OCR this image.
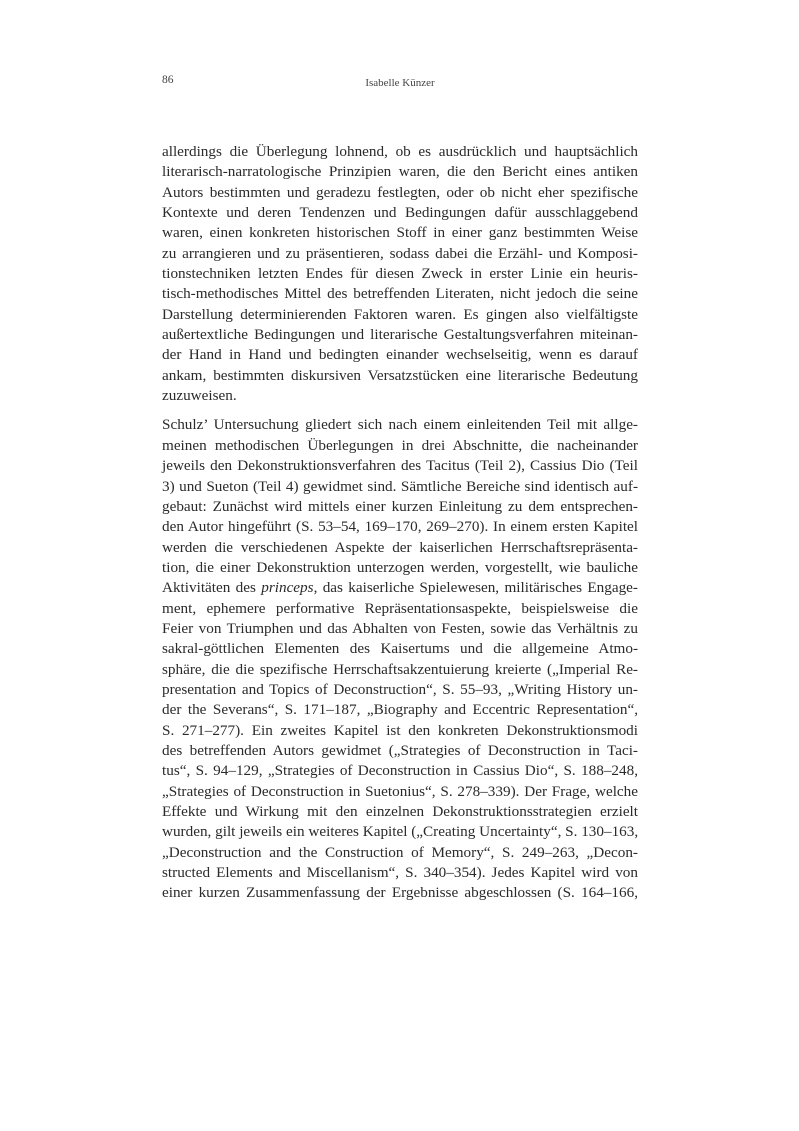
86	Isabelle Künzer

allerdings die Überlegung lohnend, ob es ausdrücklich und hauptsächlich
literarisch-narratologische Prinzipien waren, die den Bericht eines antiken
Autors bestimmten und geradezu festlegten, oder ob nicht eher spezifische
Kontexte und deren Tendenzen und Bedingungen dafür ausschlaggebend
waren, einen konkreten historischen Stoff in einer ganz bestimmten Weise
zu arrangieren und zu präsentieren, sodass dabei die Erzähl- und Komposi-
tionstechniken letzten Endes für diesen Zweck in erster Linie ein heuris-
tisch-methodisches Mittel des betreffenden Literaten, nicht jedoch die seine
Darstellung determinierenden Faktoren waren. Es gingen also vielfältigste
außertextliche Bedingungen und literarische Gestaltungsverfahren miteinan-
der Hand in Hand und bedingten einander wechselseitig, wenn es darauf
ankam, bestimmten diskursiven Versatzstücken eine literarische Bedeutung
zuzuweisen.

Schulz’ Untersuchung gliedert sich nach einem einleitenden Teil mit allge-
meinen methodischen Überlegungen in drei Abschnitte, die nacheinander
jeweils den Dekonstruktionsverfahren des Tacitus (Teil 2), Cassius Dio (Teil
3) und Sueton (Teil 4) gewidmet sind. Sämtliche Bereiche sind identisch auf-
gebaut: Zunächst wird mittels einer kurzen Einleitung zu dem entsprechen-
den Autor hingeführt (S. 53–54, 169–170, 269–270). In einem ersten Kapitel
werden die verschiedenen Aspekte der kaiserlichen Herrschaftsrepräsenta-
tion, die einer Dekonstruktion unterzogen werden, vorgestellt, wie bauliche
Aktivitäten des princeps, das kaiserliche Spielewesen, militärisches Engage-
ment, ephemere performative Repräsentationsaspekte, beispielsweise die
Feier von Triumphen und das Abhalten von Festen, sowie das Verhältnis zu
sakral-göttlichen Elementen des Kaisertums und die allgemeine Atmo-
sphäre, die die spezifische Herrschaftsakzentuierung kreierte („Imperial Re-
presentation and Topics of Deconstruction“, S. 55–93, „Writing History un-
der the Severans“, S. 171–187, „Biography and Eccentric Representation“,
S. 271–277). Ein zweites Kapitel ist den konkreten Dekonstruktionsmodi
des betreffenden Autors gewidmet („Strategies of Deconstruction in Taci-
tus“, S. 94–129, „Strategies of Deconstruction in Cassius Dio“, S. 188–248,
„Strategies of Deconstruction in Suetonius“, S. 278–339). Der Frage, welche
Effekte und Wirkung mit den einzelnen Dekonstruktionsstrategien erzielt
wurden, gilt jeweils ein weiteres Kapitel („Creating Uncertainty“, S. 130–163,
„Deconstruction and the Construction of Memory“, S. 249–263, „Decon-
structed Elements and Miscellanism“, S. 340–354). Jedes Kapitel wird von
einer kurzen Zusammenfassung der Ergebnisse abgeschlossen (S. 164–166,
